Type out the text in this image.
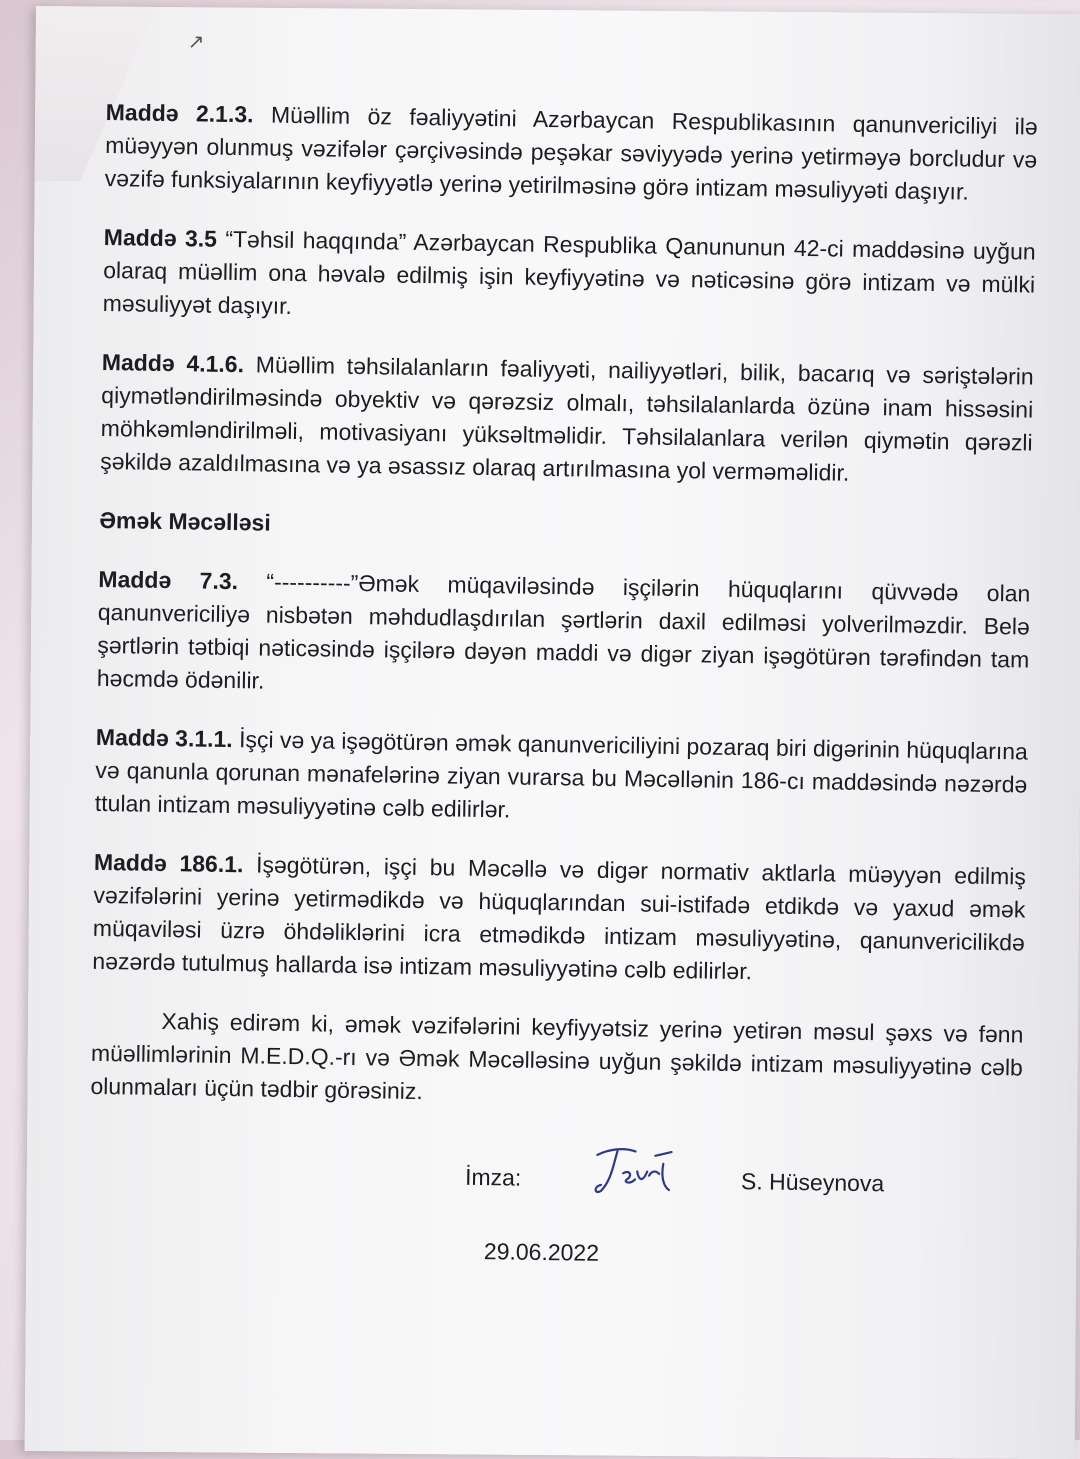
↗

Maddə 2.1.3. Müəllim öz fəaliyyətini Azərbaycan Respublikasının qanunvericiliyi ilə müəyyən olunmuş vəzifələr çərçivəsində peşəkar səviyyədə yerinə yetirməyə borcludur və vəzifə funksiyalarının keyfiyyətlə yerinə yetirilməsinə görə intizam məsuliyyəti daşıyır.

Maddə 3.5 “Təhsil haqqında” Azərbaycan Respublika Qanununun 42-ci maddəsinə uyğun olaraq müəllim ona həvalə edilmiş işin keyfiyyətinə və nəticəsinə görə intizam və mülki məsuliyyət daşıyır.

Maddə 4.1.6. Müəllim təhsilalanların fəaliyyəti, nailiyyətləri, bilik, bacarıq və səriştələrin qiymətləndirilməsində obyektiv və qərəzsiz olmalı, təhsilalanlarda özünə inam hissəsini möhkəmləndirilməli, motivasiyanı yüksəltməlidir. Təhsilalanlara verilən qiymətin qərəzli şəkildə azaldılmasına və ya əsassız olaraq artırılmasına yol verməməlidir.

Əmək Məcəlləsi

Maddə 7.3. “----------”Əmək müqaviləsində işçilərin hüquqlarını qüvvədə olan qanunvericiliyə nisbətən məhdudlaşdırılan şərtlərin daxil edilməsi yolverilməzdir. Belə şərtlərin tətbiqi nəticəsində işçilərə dəyən maddi və digər ziyan işəgötürən tərəfindən tam həcmdə ödənilir.

Maddə 3.1.1. İşçi və ya işəgötürən əmək qanunvericiliyini pozaraq biri digərinin hüquqlarına və qanunla qorunan mənafelərinə ziyan vurarsa bu Məcəllənin 186-cı maddəsində nəzərdə ttulan intizam məsuliyyətinə cəlb edilirlər.

Maddə 186.1. İşəgötürən, işçi bu Məcəllə və digər normativ aktlarla müəyyən edilmiş vəzifələrini yerinə yetirmədikdə və hüquqlarından sui-istifadə etdikdə və yaxud əmək müqaviləsi üzrə öhdəliklərini icra etmədikdə intizam məsuliyyətinə, qanunvericilikdə nəzərdə tutulmuş hallarda isə intizam məsuliyyətinə cəlb edilirlər.

Xahiş edirəm ki, əmək vəzifələrini keyfiyyətsiz yerinə yetirən məsul şəxs və fənn müəllimlərinin M.E.D.Q.-rı və Əmək Məcəlləsinə uyğun şəkildə intizam məsuliyyətinə cəlb olunmaları üçün tədbir görəsiniz.

İmza:	S. Hüseynova
29.06.2022
